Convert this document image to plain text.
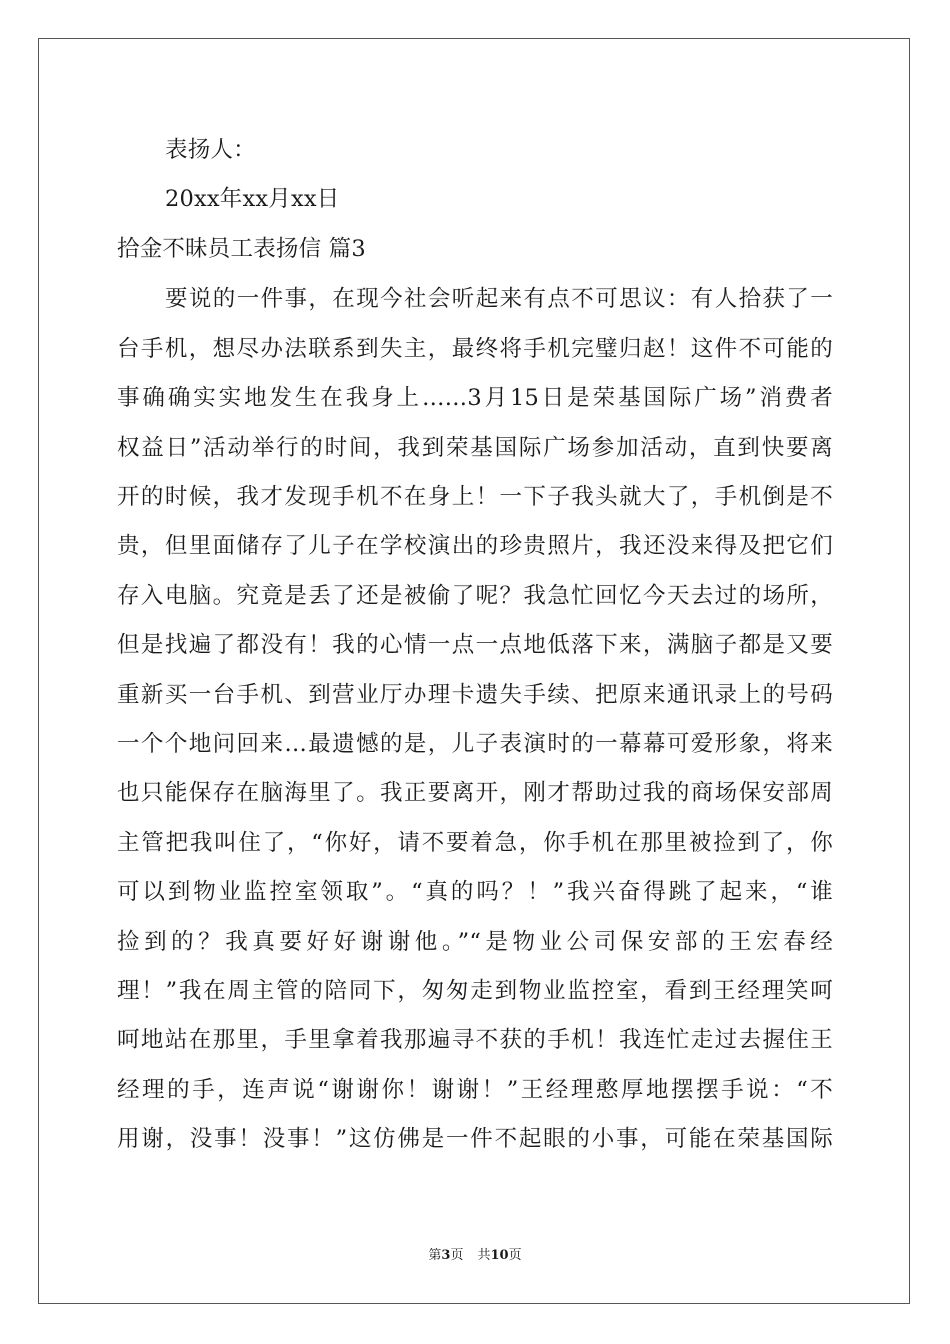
表扬人：
20xx年xx月xx日
拾金不昧员工表扬信 篇3
要说的一件事，在现今社会听起来有点不可思议：有人拾获了一
台手机，想尽办法联系到失主，最终将手机完璧归赵！这件不可能的
事确确实实地发生在我身上……3月15日是荣基国际广场”消费者
权益日”活动举行的时间，我到荣基国际广场参加活动，直到快要离
开的时候，我才发现手机不在身上！一下子我头就大了，手机倒是不
贵，但里面储存了儿子在学校演出的珍贵照片，我还没来得及把它们
存入电脑。究竟是丢了还是被偷了呢？我急忙回忆今天去过的场所，
但是找遍了都没有！我的心情一点一点地低落下来，满脑子都是又要
重新买一台手机、到营业厅办理卡遗失手续、把原来通讯录上的号码
一个个地问回来…最遗憾的是，儿子表演时的一幕幕可爱形象，将来
也只能保存在脑海里了。我正要离开，刚才帮助过我的商场保安部周
主管把我叫住了，“你好，请不要着急，你手机在那里被捡到了，你
可以到物业监控室领取”。“真的吗？！”我兴奋得跳了起来，“谁
捡到的？我真要好好谢谢他。”“是物业公司保安部的王宏春经
理！”我在周主管的陪同下，匆匆走到物业监控室，看到王经理笑呵
呵地站在那里，手里拿着我那遍寻不获的手机！我连忙走过去握住王
经理的手，连声说“谢谢你！谢谢！”王经理憨厚地摆摆手说：“不
用谢，没事！没事！”这仿佛是一件不起眼的小事，可能在荣基国际
第3页 共10页
